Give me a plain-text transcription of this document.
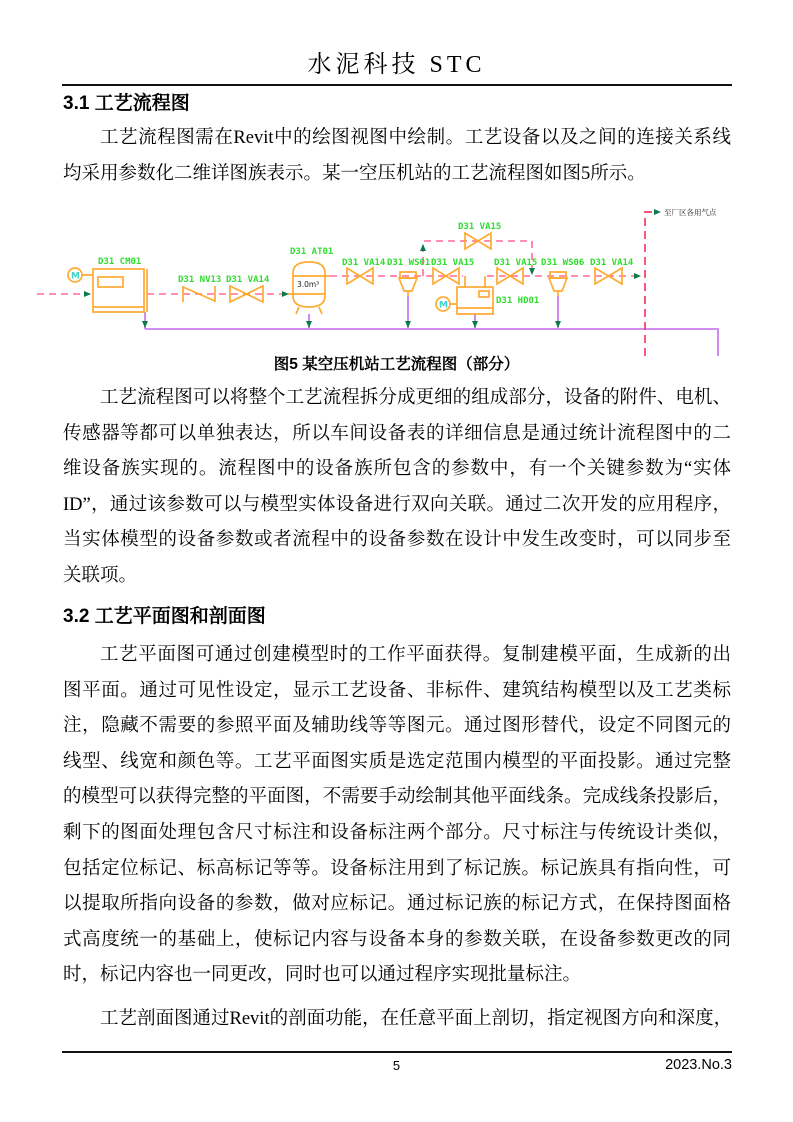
水泥科技 STC
3.1 工艺流程图
工艺流程图需在Revit中的绘图视图中绘制。工艺设备以及之间的连接关系线
均采用参数化二维详图族表示。某一空压机站的工艺流程图如图5所示。
M
D31 CM01
D31 NV13 D31 VA14
D31 AT01
3.0m³
D31 VA14 D31 WS01
D31 VA15
D31 VA15
M	D31 HD01
D31 VA15 D31 WS06 D31 VA14
至厂区各用气点
图5 某空压机站工艺流程图（部分）
工艺流程图可以将整个工艺流程拆分成更细的组成部分，设备的附件、电机、
传感器等都可以单独表达，所以车间设备表的详细信息是通过统计流程图中的二
维设备族实现的。流程图中的设备族所包含的参数中，有一个关键参数为“实体
ID”，通过该参数可以与模型实体设备进行双向关联。通过二次开发的应用程序，
当实体模型的设备参数或者流程中的设备参数在设计中发生改变时，可以同步至
关联项。
3.2 工艺平面图和剖面图
工艺平面图可通过创建模型时的工作平面获得。复制建模平面，生成新的出
图平面。通过可见性设定，显示工艺设备、非标件、建筑结构模型以及工艺类标
注，隐藏不需要的参照平面及辅助线等等图元。通过图形替代，设定不同图元的
线型、线宽和颜色等。工艺平面图实质是选定范围内模型的平面投影。通过完整
的模型可以获得完整的平面图，不需要手动绘制其他平面线条。完成线条投影后，
剩下的图面处理包含尺寸标注和设备标注两个部分。尺寸标注与传统设计类似，
包括定位标记、标高标记等等。设备标注用到了标记族。标记族具有指向性，可
以提取所指向设备的参数，做对应标记。通过标记族的标记方式，在保持图面格
式高度统一的基础上，使标记内容与设备本身的参数关联，在设备参数更改的同
时，标记内容也一同更改，同时也可以通过程序实现批量标注。
工艺剖面图通过Revit的剖面功能，在任意平面上剖切，指定视图方向和深度，
5	2023.No.3
